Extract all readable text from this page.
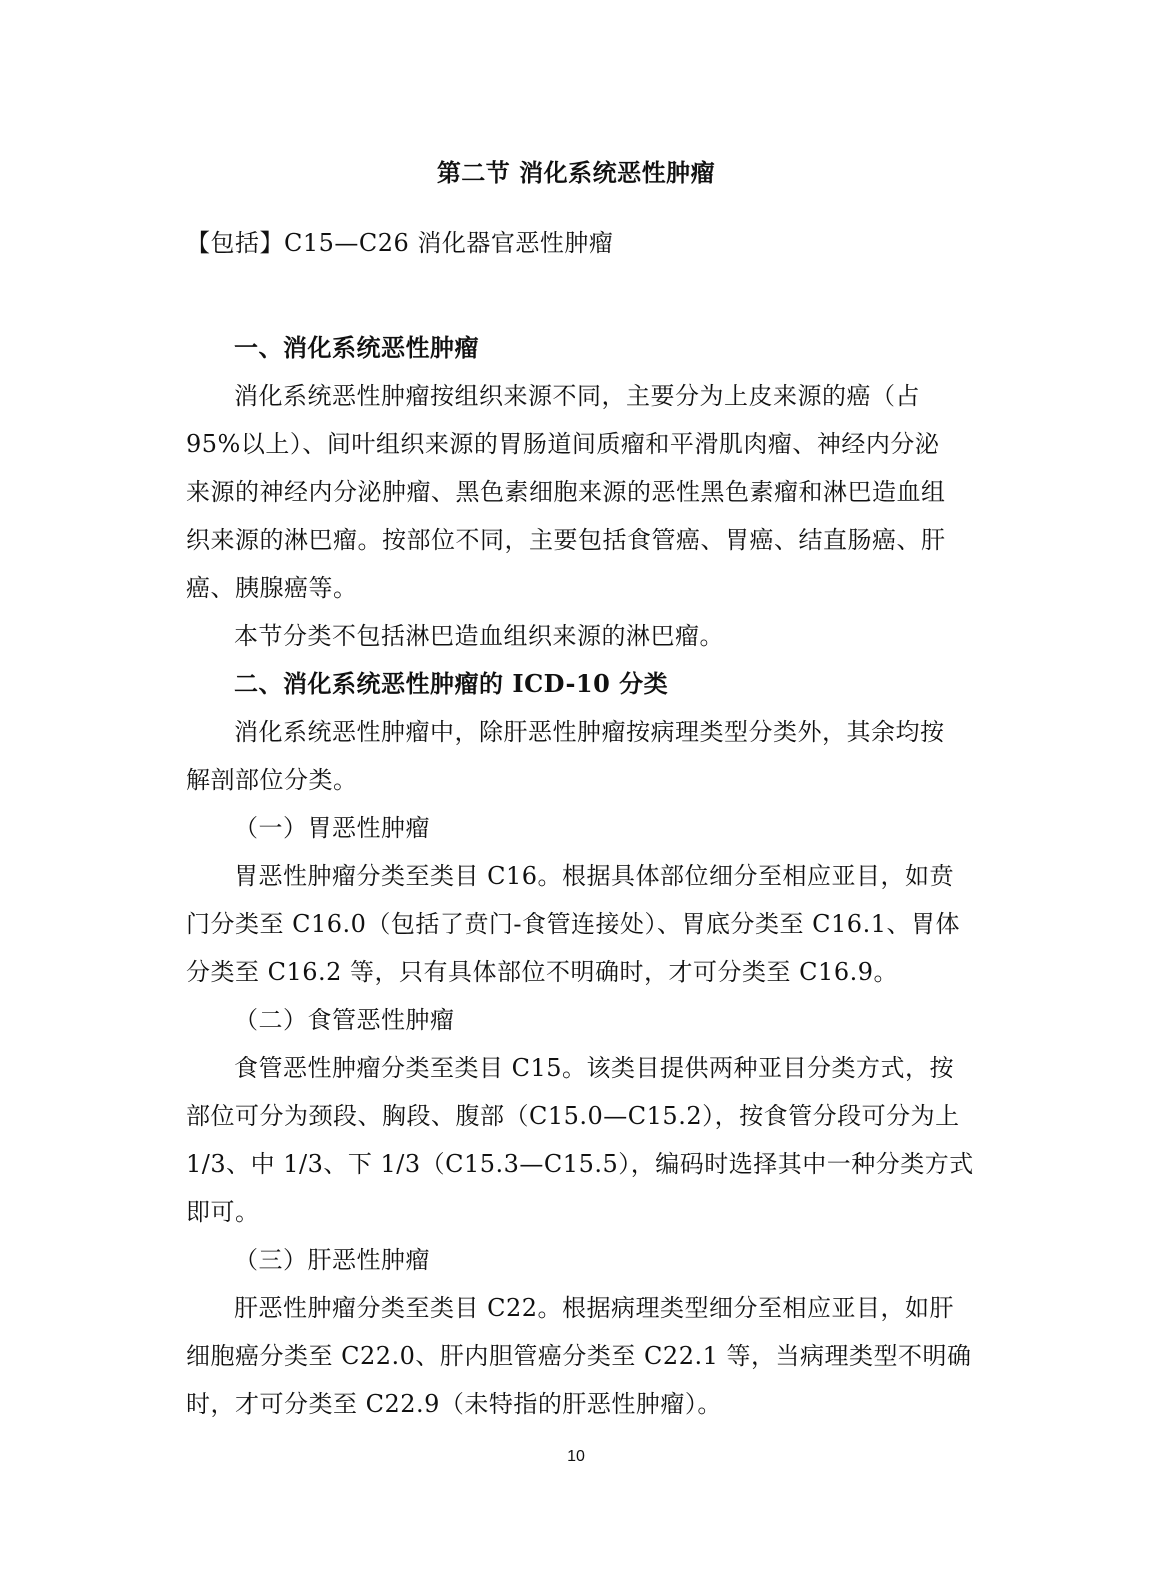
第二节 消化系统恶性肿瘤

【包括】C15—C26 消化器官恶性肿瘤

一、消化系统恶性肿瘤

消化系统恶性肿瘤按组织来源不同，主要分为上皮来源的癌（占

95%以上）、间叶组织来源的胃肠道间质瘤和平滑肌肉瘤、神经内分泌

来源的神经内分泌肿瘤、黑色素细胞来源的恶性黑色素瘤和淋巴造血组

织来源的淋巴瘤。按部位不同，主要包括食管癌、胃癌、结直肠癌、肝

癌、胰腺癌等。

本节分类不包括淋巴造血组织来源的淋巴瘤。

二、消化系统恶性肿瘤的 ICD-10 分类

消化系统恶性肿瘤中，除肝恶性肿瘤按病理类型分类外，其余均按

解剖部位分类。

（一）胃恶性肿瘤

胃恶性肿瘤分类至类目 C16。根据具体部位细分至相应亚目，如贲

门分类至 C16.0（包括了贲门-食管连接处）、胃底分类至 C16.1、胃体

分类至 C16.2 等，只有具体部位不明确时，才可分类至 C16.9。

（二）食管恶性肿瘤

食管恶性肿瘤分类至类目 C15。该类目提供两种亚目分类方式，按

部位可分为颈段、胸段、腹部（C15.0—C15.2），按食管分段可分为上

1/3、中 1/3、下 1/3（C15.3—C15.5），编码时选择其中一种分类方式

即可。

（三）肝恶性肿瘤

肝恶性肿瘤分类至类目 C22。根据病理类型细分至相应亚目，如肝

细胞癌分类至 C22.0、肝内胆管癌分类至 C22.1 等，当病理类型不明确

时，才可分类至 C22.9（未特指的肝恶性肿瘤）。

10
